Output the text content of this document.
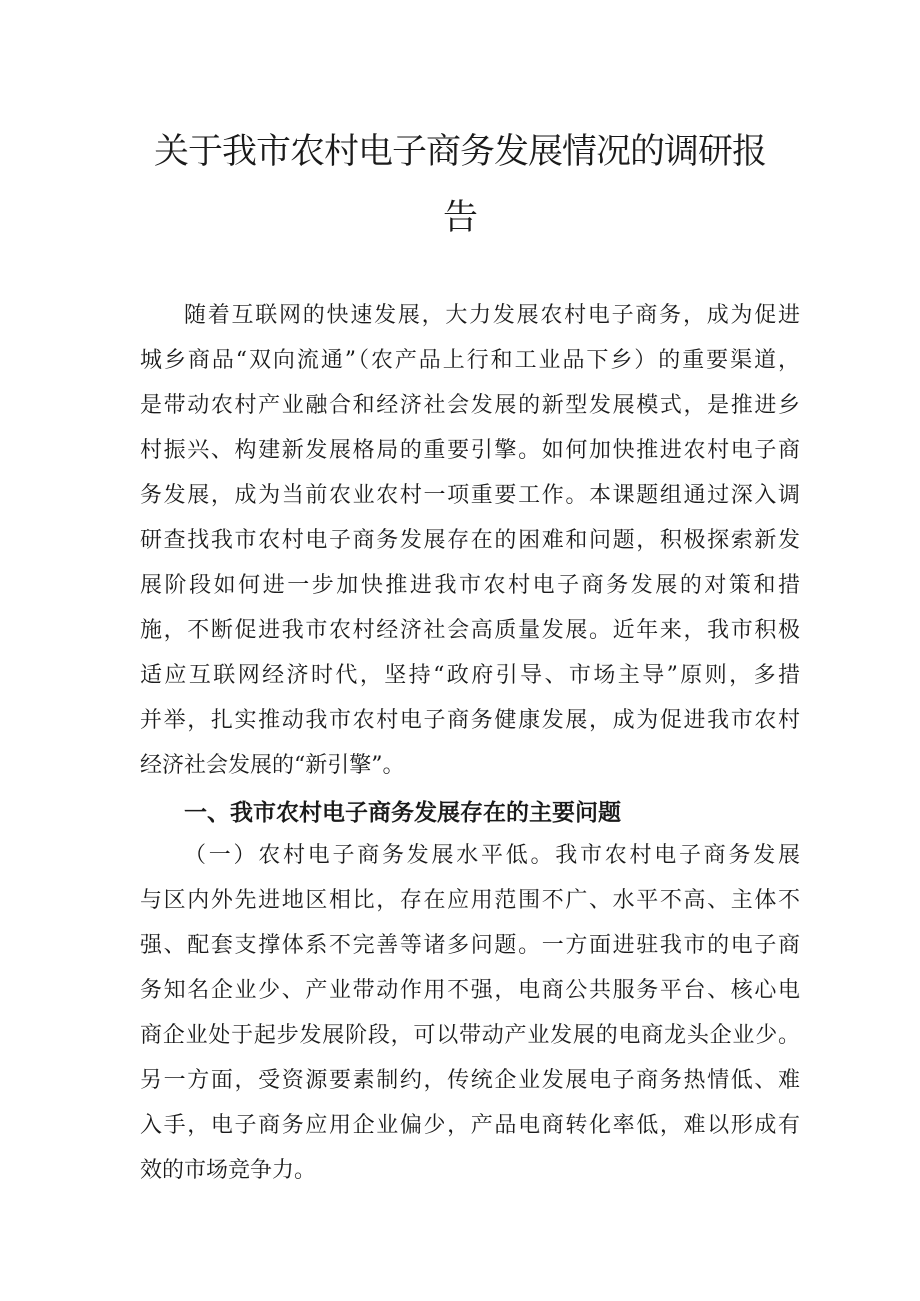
关于我市农村电子商务发展情况的调研报
告

随着互联网的快速发展，大力发展农村电子商务，成为促进

城乡商品“双向流通”（农产品上行和工业品下乡）的重要渠道，

是带动农村产业融合和经济社会发展的新型发展模式，是推进乡

村振兴、构建新发展格局的重要引擎。如何加快推进农村电子商

务发展，成为当前农业农村一项重要工作。本课题组通过深入调

研查找我市农村电子商务发展存在的困难和问题，积极探索新发

展阶段如何进一步加快推进我市农村电子商务发展的对策和措

施，不断促进我市农村经济社会高质量发展。近年来，我市积极

适应互联网经济时代，坚持“政府引导、市场主导”原则，多措

并举，扎实推动我市农村电子商务健康发展，成为促进我市农村

经济社会发展的“新引擎”。

一、我市农村电子商务发展存在的主要问题

（一）农村电子商务发展水平低。我市农村电子商务发展

与区内外先进地区相比，存在应用范围不广、水平不高、主体不

强、配套支撑体系不完善等诸多问题。一方面进驻我市的电子商

务知名企业少、产业带动作用不强，电商公共服务平台、核心电

商企业处于起步发展阶段，可以带动产业发展的电商龙头企业少。

另一方面，受资源要素制约，传统企业发展电子商务热情低、难

入手，电子商务应用企业偏少，产品电商转化率低，难以形成有

效的市场竞争力。
